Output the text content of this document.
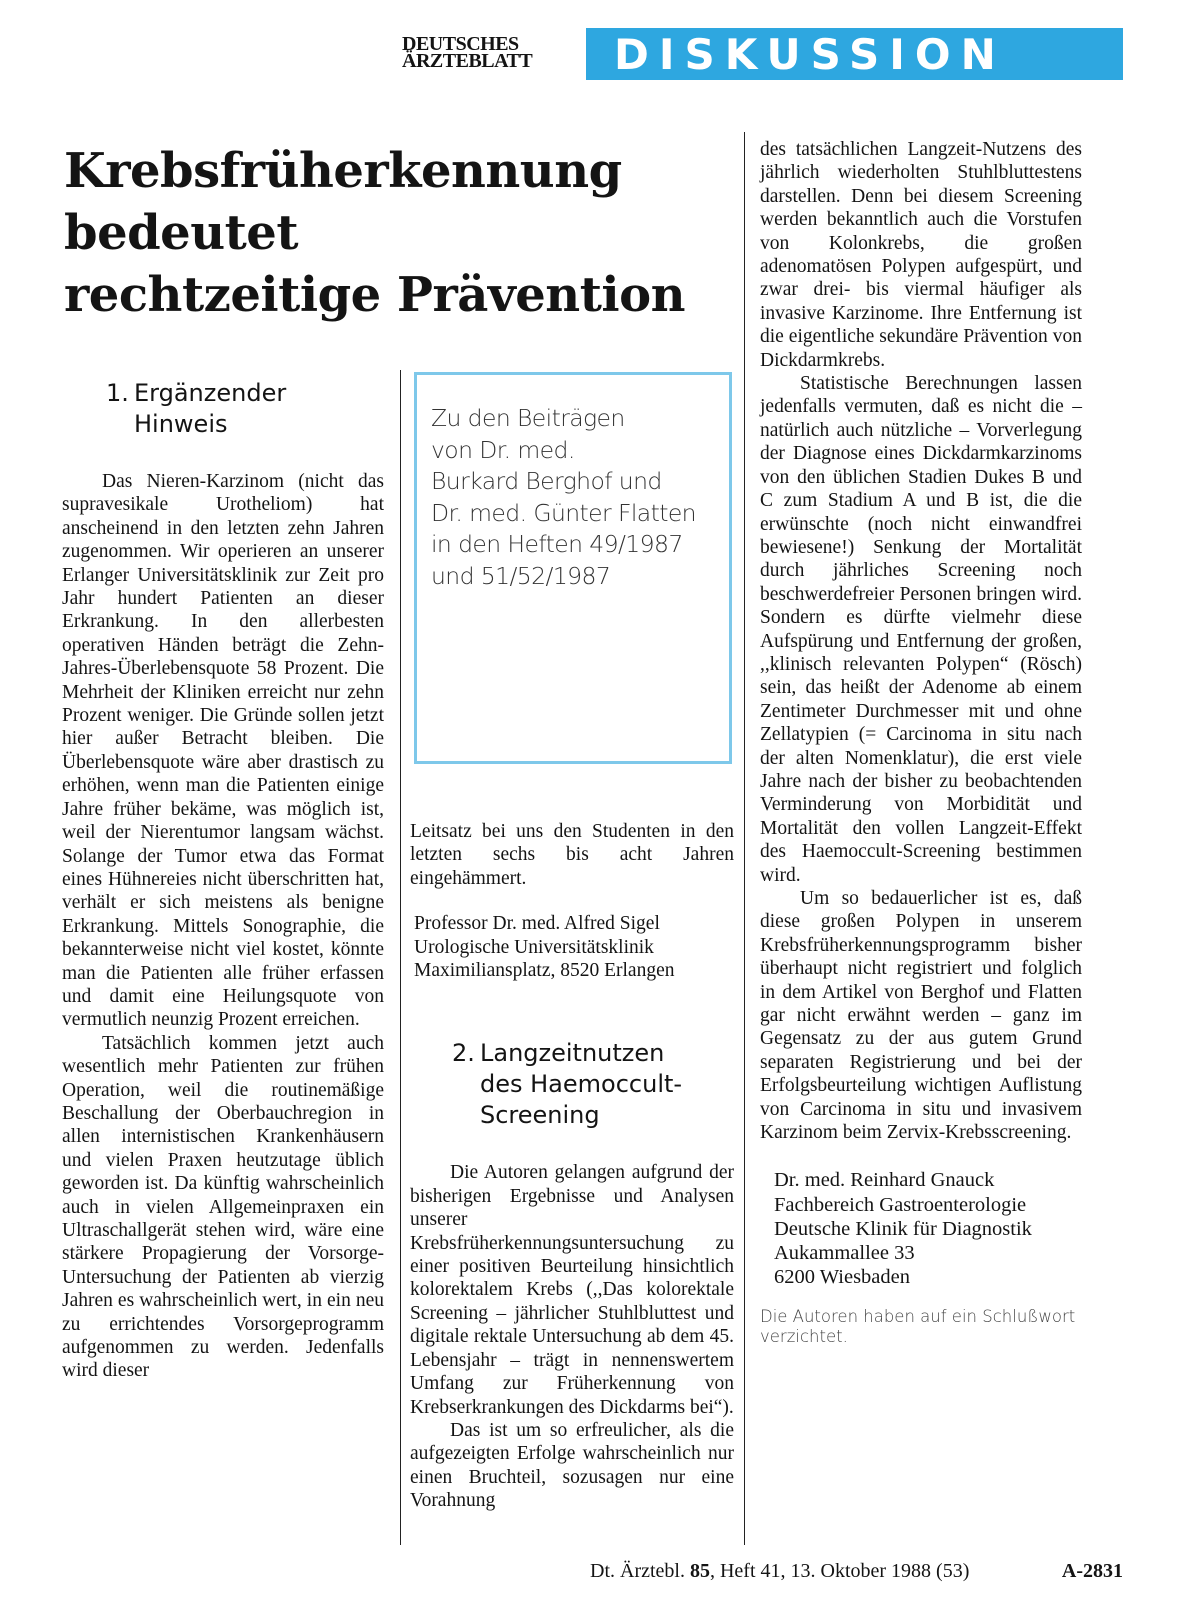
DEUTSCHES
ÄRZTEBLATT	DISKUSSION
Krebsfrüherkennung
bedeutet
rechtzeitige Prävention
1. Ergänzender
Hinweis

Das Nieren-Karzinom (nicht das supravesikale Urotheliom) hat anscheinend in den letzten zehn Jahren zugenommen. Wir operieren an unserer Erlanger Universitätsklinik zur Zeit pro Jahr hundert Patienten an dieser Erkrankung. In den allerbesten operativen Händen beträgt die Zehn-Jahres-Überlebensquote 58 Prozent. Die Mehrheit der Kliniken erreicht nur zehn Prozent weniger. Die Gründe sollen jetzt hier außer Betracht bleiben. Die Überlebensquote wäre aber drastisch zu erhöhen, wenn man die Patienten einige Jahre früher bekäme, was möglich ist, weil der Nierentumor langsam wächst. Solange der Tumor etwa das Format eines Hühnereies nicht überschritten hat, verhält er sich meistens als benigne Erkrankung. Mittels Sonographie, die bekannterweise nicht viel kostet, könnte man die Patienten alle früher erfassen und damit eine Heilungsquote von vermutlich neunzig Prozent erreichen.

Tatsächlich kommen jetzt auch wesentlich mehr Patienten zur frühen Operation, weil die routinemäßige Beschallung der Oberbauchregion in allen internistischen Krankenhäusern und vielen Praxen heutzutage üblich geworden ist. Da künftig wahrscheinlich auch in vielen Allgemeinpraxen ein Ultraschallgerät stehen wird, wäre eine stärkere Propagierung der Vorsorge-Untersuchung der Patienten ab vierzig Jahren es wahrscheinlich wert, in ein neu zu errichtendes Vorsorgeprogramm aufgenommen zu werden. Jedenfalls wird dieser

Zu den Beiträgen
von Dr. med.
Burkard Berghof und
Dr. med. Günter Flatten
in den Heften 49/1987
und 51/52/1987

Leitsatz bei uns den Studenten in den letzten sechs bis acht Jahren eingehämmert.

Professor Dr. med. Alfred Sigel
Urologische Universitätsklinik
Maximiliansplatz, 8520 Erlangen
2. Langzeitnutzen
des Haemoccult-
Screening

Die Autoren gelangen aufgrund der bisherigen Ergebnisse und Analysen unserer Krebsfrüherkennungsuntersuchung zu einer positiven Beurteilung hinsichtlich kolorektalem Krebs (,,Das kolorektale Screening – jährlicher Stuhlbluttest und digitale rektale Untersuchung ab dem 45. Lebensjahr – trägt in nennenswertem Umfang zur Früherkennung von Krebserkrankungen des Dickdarms bei“).

Das ist um so erfreulicher, als die aufgezeigten Erfolge wahrscheinlich nur einen Bruchteil, sozusagen nur eine Vorahnung

des tatsächlichen Langzeit-Nutzens des jährlich wiederholten Stuhlbluttestens darstellen. Denn bei diesem Screening werden bekanntlich auch die Vorstufen von Kolonkrebs, die großen adenomatösen Polypen aufgespürt, und zwar drei- bis viermal häufiger als invasive Karzinome. Ihre Entfernung ist die eigentliche sekundäre Prävention von Dickdarmkrebs.

Statistische Berechnungen lassen jedenfalls vermuten, daß es nicht die – natürlich auch nützliche – Vorverlegung der Diagnose eines Dickdarmkarzinoms von den üblichen Stadien Dukes B und C zum Stadium A und B ist, die die erwünschte (noch nicht einwandfrei bewiesene!) Senkung der Mortalität durch jährliches Screening noch beschwerdefreier Personen bringen wird. Sondern es dürfte vielmehr diese Aufspürung und Entfernung der großen, ,,klinisch relevanten Polypen“ (Rösch) sein, das heißt der Adenome ab einem Zentimeter Durchmesser mit und ohne Zellatypien (= Carcinoma in situ nach der alten Nomenklatur), die erst viele Jahre nach der bisher zu beobachtenden Verminderung von Morbidität und Mortalität den vollen Langzeit-Effekt des Haemoccult-Screening bestimmen wird.

Um so bedauerlicher ist es, daß diese großen Polypen in unserem Krebsfrüherkennungsprogramm bisher überhaupt nicht registriert und folglich in dem Artikel von Berghof und Flatten gar nicht erwähnt werden – ganz im Gegensatz zu der aus gutem Grund separaten Registrierung und bei der Erfolgsbeurteilung wichtigen Auflistung von Carcinoma in situ und invasivem Karzinom beim Zervix-Krebsscreening.

Dr. med. Reinhard Gnauck
Fachbereich Gastroenterologie
Deutsche Klinik für Diagnostik
Aukammallee 33
6200 Wiesbaden
Die Autoren haben auf ein Schlußwort verzichtet.
Dt. Ärztebl. 85, Heft 41, 13. Oktober 1988 (53)	A-2831
